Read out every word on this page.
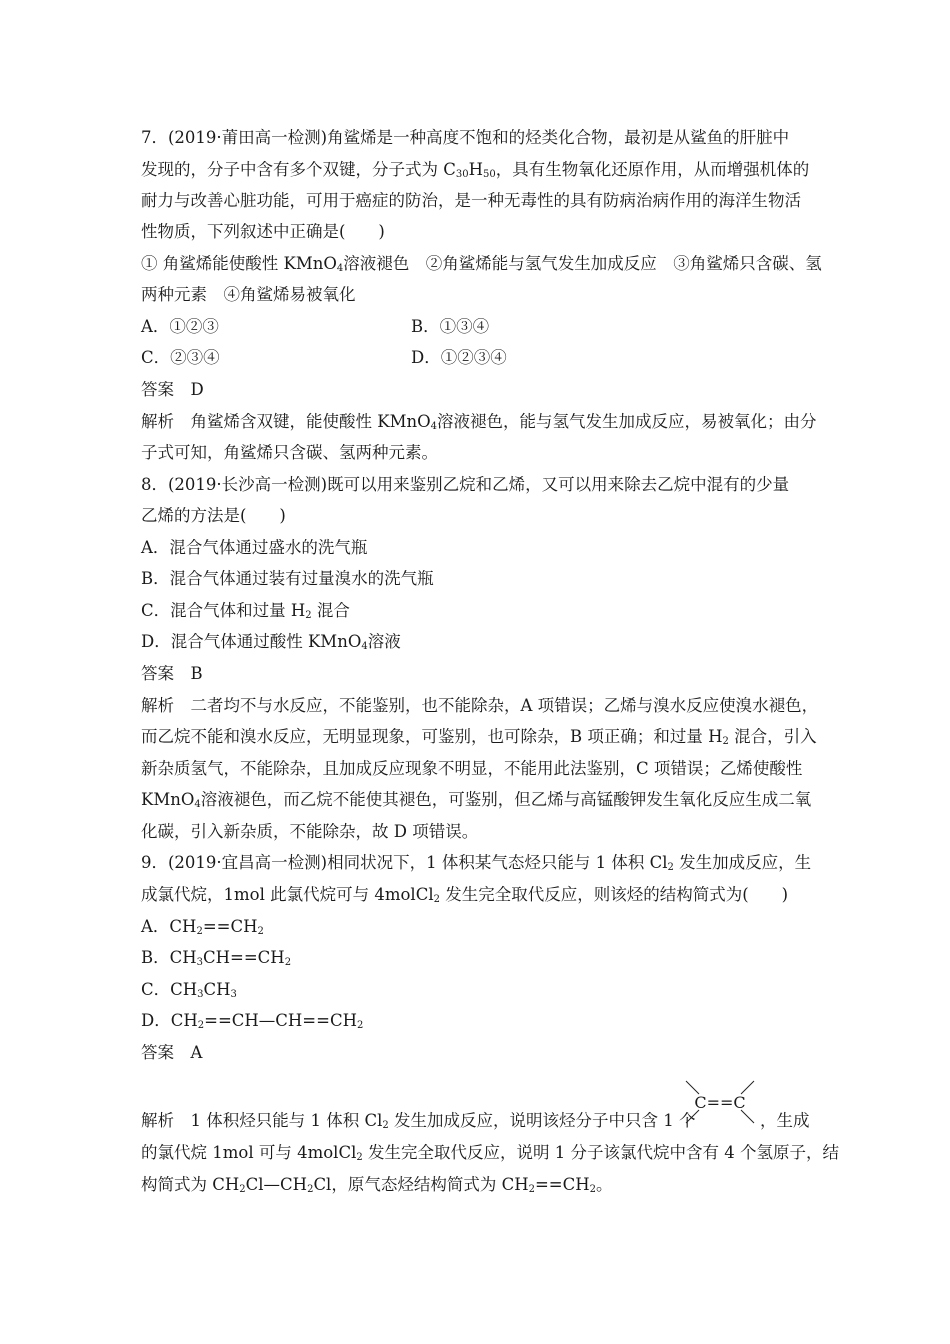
7．(2019·莆田高一检测)角鲨烯是一种高度不饱和的烃类化合物，最初是从鲨鱼的肝脏中
发现的，分子中含有多个双键，分子式为 $C_{30}H_{50}$，具有生物氧化还原作用，从而增强机体的
耐力与改善心脏功能，可用于癌症的防治，是一种无毒性的具有防病治病作用的海洋生物活
性物质，下列叙述中正确是(　　)
① 角鲨烯能使酸性 KMnO$_4$溶液褪色　②角鲨烯能与氢气发生加成反应　③角鲨烯只含碳、氢
两种元素　④角鲨烯易被氧化
A．①②③	B．①③④
C．②③④	D．①②③④
答案　D
解析　角鲨烯含双键，能使酸性 KMnO$_4$溶液褪色，能与氢气发生加成反应，易被氧化；由分
子式可知，角鲨烯只含碳、氢两种元素。
8．(2019·长沙高一检测)既可以用来鉴别乙烷和乙烯，又可以用来除去乙烷中混有的少量
乙烯的方法是(　　)
A．混合气体通过盛水的洗气瓶
B．混合气体通过装有过量溴水的洗气瓶
C．混合气体和过量 $H_2$ 混合
D．混合气体通过酸性 KMnO$_4$溶液
答案　B
解析　二者均不与水反应，不能鉴别，也不能除杂，A 项错误；乙烯与溴水反应使溴水褪色，
而乙烷不能和溴水反应，无明显现象，可鉴别，也可除杂，B 项正确；和过量 $H_2$ 混合，引入
新杂质氢气，不能除杂，且加成反应现象不明显，不能用此法鉴别，C 项错误；乙烯使酸性
KMnO$_4$溶液褪色，而乙烷不能使其褪色，可鉴别，但乙烯与高锰酸钾发生氧化反应生成二氧
化碳，引入新杂质，不能除杂，故 D 项错误。
9．(2019·宜昌高一检测)相同状况下，1 体积某气态烃只能与 1 体积 $Cl_2$ 发生加成反应，生
成氯代烷，1mol 此氯代烷可与 4molCl$_2$ 发生完全取代反应，则该烃的结构简式为(　　)
A．$CH_2==CH_2$
B．$CH_3CH==CH_2$
C．$CH_3CH_3$
D．$CH_2==CH—CH==CH_2$
答案　A
解析　1 体积烃只能与 1 体积 $Cl_2$ 发生加成反应，说明该烃分子中只含 1 个	，生成
C==C
的氯代烷 1mol 可与 4molCl$_2$ 发生完全取代反应，说明 1 分子该氯代烷中含有 4 个氢原子，结
构简式为 $CH_2Cl—CH_2Cl$，原气态烃结构简式为 $CH_2==CH_2$。
